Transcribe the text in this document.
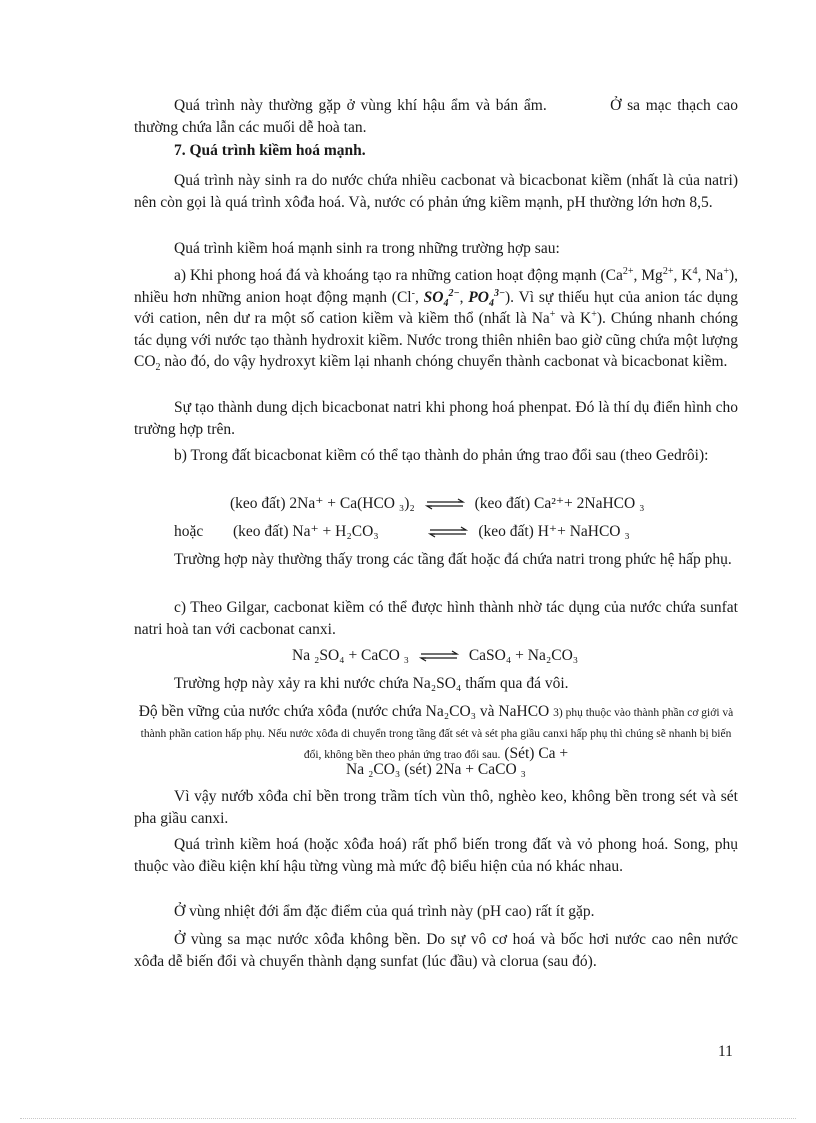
Quá trình này thường gặp ở vùng khí hậu ẩm và bán ẩm.	Ở sa mạc thạch cao thường chứa lẫn các muối dễ hoà tan.

7. Quá trình kiềm hoá mạnh.

Quá trình này sinh ra do nước chứa nhiều cacbonat và bicacbonat kiềm (nhất là của natri) nên còn gọi là quá trình xôđa hoá. Và, nước có phản ứng kiềm mạnh, pH thường lớn hơn 8,5.

Quá trình kiềm hoá mạnh sinh ra trong những trường hợp sau:

a) Khi phong hoá đá và khoáng tạo ra những cation hoạt động mạnh ($Ca^{2+}$, $Mg^{2+}$, $K^4$, Na+), nhiều hơn những anion hoạt động mạnh (Cl-, $SO_4^{2-}$, $PO_4^{3-}$). Vì sự thiếu hụt của anion tác dụng với cation, nên dư ra một số cation kiềm và kiềm thổ (nhất là Na+ và K+). Chúng nhanh chóng tác dụng với nước tạo thành hydroxit kiềm. Nước trong thiên nhiên bao giờ cũng chứa một lượng $CO_2$ nào đó, do vậy hydroxyt kiềm lại nhanh chóng chuyển thành cacbonat và bicacbonat kiềm.

Sự tạo thành dung dịch bicacbonat natri khi phong hoá phenpat. Đó là thí dụ điển hình cho trường hợp trên.

b) Trong đất bicacbonat kiềm có thể tạo thành do phản ứng trao đổi sau (theo Gedrôi):

(keo đất) 2Na⁺ + Ca(HCO ₃)₂ ⇌ (keo đất) Ca²⁺+ 2NaHCO ₃
hoặc (keo đất) Na⁺ + H₂CO₃	⇌ (keo đất) H⁺+ NaHCO ₃

Trường hợp này thường thấy trong các tầng đất hoặc đá chứa natri trong phức hệ hấp phụ.

c) Theo Gilgar, cacbonat kiềm có thể được hình thành nhờ tác dụng của nước chứa sunfat natri hoà tan với cacbonat canxi.

Na ₂SO₄ + CaCO ₃ ⇌ CaSO₄ + Na₂CO₃

Trường hợp này xảy ra khi nước chứa Na₂SO₄ thấm qua đá vôi.

Độ bền vững của nước chứa xôđa (nước chứa Na₂CO₃ và NaHCO 3) phụ thuộc vào thành phần cơ giới và thành phần cation hấp phụ. Nếu nước xôđa di chuyển trong tầng đất sét và sét pha giầu canxi hấp phụ thì chúng sẽ nhanh bị biến đổi, không bền theo phản ứng trao đổi sau. (Sét) Ca +

Na ₂CO₃ (sét) 2Na + CaCO ₃

Vì vậy nướb xôđa chỉ bền trong trầm tích vùn thô, nghèo keo, không bền trong sét và sét pha giầu canxi.

Quá trình kiềm hoá (hoặc xôđa hoá) rất phổ biến trong đất và vỏ phong hoá. Song, phụ thuộc vào điều kiện khí hậu từng vùng mà mức độ biểu hiện của nó khác nhau.

Ở vùng nhiệt đới ẩm đặc điểm của quá trình này (pH cao) rất ít gặp.

Ở vùng sa mạc nước xôđa không bền. Do sự vô cơ hoá và bốc hơi nước cao nên nước xôđa dễ biến đổi và chuyển thành dạng sunfat (lúc đầu) và clorua (sau đó).

11
